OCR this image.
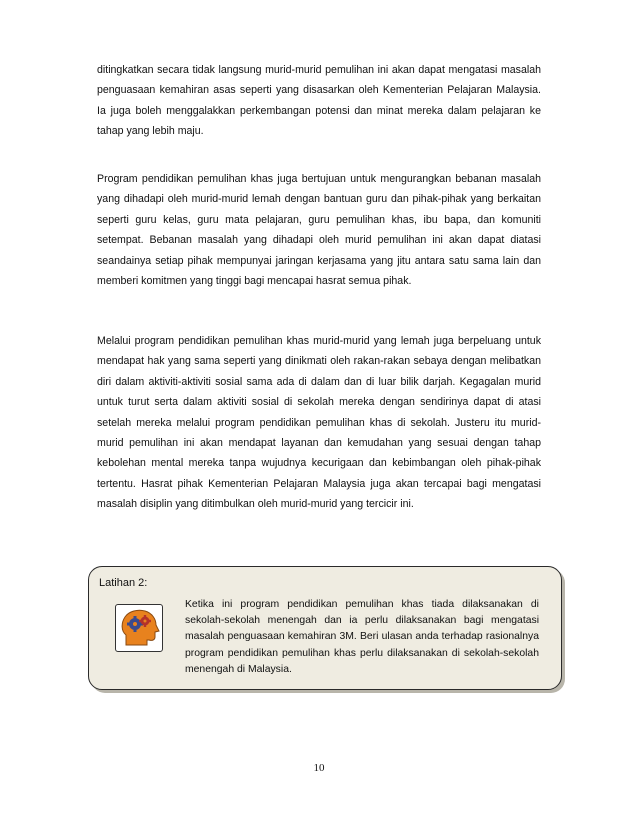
ditingkatkan secara tidak langsung murid-murid pemulihan ini akan dapat mengatasi masalah penguasaan kemahiran asas seperti yang disasarkan oleh Kementerian Pelajaran Malaysia. Ia juga boleh menggalakkan perkembangan potensi dan minat mereka dalam pelajaran ke tahap yang lebih maju.

Program pendidikan pemulihan khas juga bertujuan untuk mengurangkan bebanan masalah yang dihadapi oleh murid-murid lemah dengan bantuan guru dan pihak-pihak yang berkaitan seperti guru kelas, guru mata pelajaran, guru pemulihan khas, ibu bapa, dan komuniti setempat. Bebanan masalah yang dihadapi oleh murid pemulihan ini akan dapat diatasi seandainya setiap pihak mempunyai jaringan kerjasama yang jitu antara satu sama lain dan memberi komitmen yang tinggi bagi mencapai hasrat semua pihak.

Melalui program pendidikan pemulihan khas murid-murid yang lemah juga berpeluang untuk mendapat hak yang sama seperti yang dinikmati oleh rakan-rakan sebaya dengan melibatkan diri dalam aktiviti-aktiviti sosial sama ada di dalam dan di luar bilik darjah. Kegagalan murid untuk turut serta dalam aktiviti sosial di sekolah mereka dengan sendirinya dapat di atasi setelah mereka melalui program pendidikan pemulihan khas di sekolah. Justeru itu murid-murid pemulihan ini akan mendapat layanan dan kemudahan yang sesuai dengan tahap kebolehan mental mereka tanpa wujudnya kecurigaan dan kebimbangan oleh pihak-pihak tertentu. Hasrat pihak Kementerian Pelajaran Malaysia juga akan tercapai bagi mengatasi masalah disiplin yang ditimbulkan oleh murid-murid yang tercicir ini.

Latihan 2:

Ketika ini program pendidikan pemulihan khas tiada dilaksanakan di sekolah-sekolah menengah dan ia perlu dilaksanakan bagi mengatasi masalah penguasaan kemahiran 3M. Beri ulasan anda terhadap rasionalnya program pendidikan pemulihan khas perlu dilaksanakan di sekolah-sekolah menengah di Malaysia.

10
